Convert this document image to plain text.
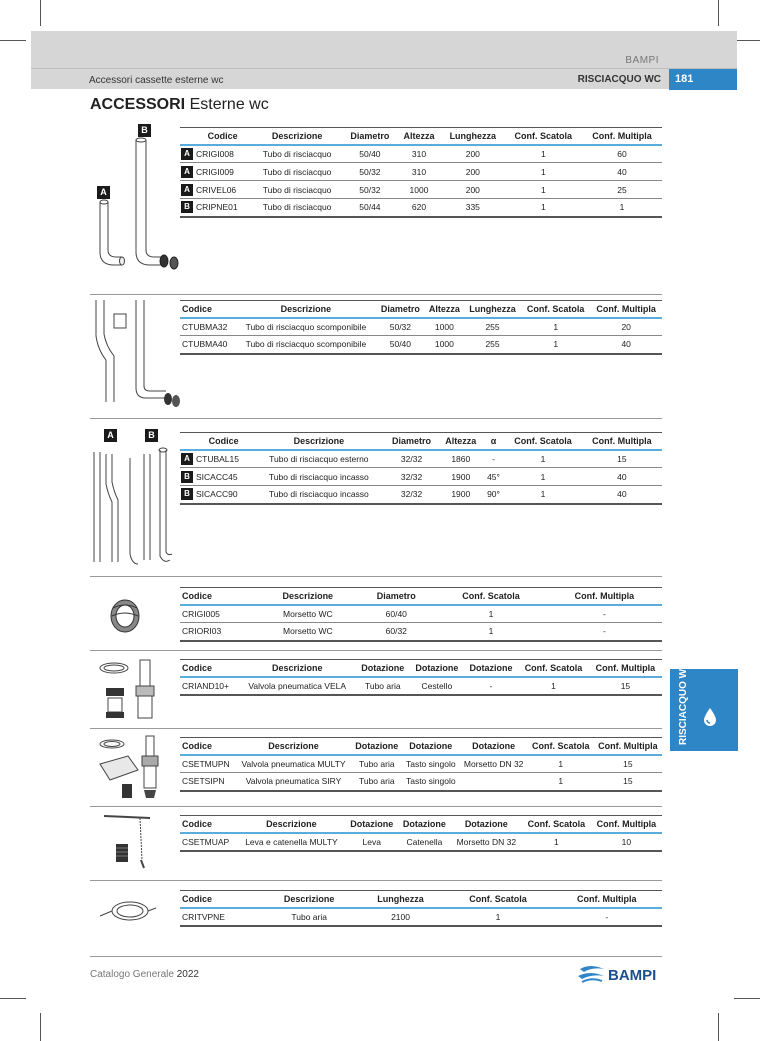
BAMPI
Accessori cassette esterne wc	RISCIACQUO WC	181
ACCESSORI Esterne wc
RISCIACQUO WC
B
A
	Codice	Descrizione	Diametro	Altezza	Lunghezza	Conf. Scatola	Conf. Multipla
A	CRIGI008	Tubo di risciacquo	50/40	310	200	1	60
A	CRIGI009	Tubo di risciacquo	50/32	310	200	1	40
A	CRIVEL06	Tubo di risciacquo	50/32	1000	200	1	25
B	CRIPNE01	Tubo di risciacquo	50/44	620	335	1	1
Codice	Descrizione	Diametro	Altezza	Lunghezza	Conf. Scatola	Conf. Multipla
CTUBMA32	Tubo di risciacquo scomponibile	50/32	1000	255	1	20
CTUBMA40	Tubo di risciacquo scomponibile	50/40	1000	255	1	40
A	B
	Codice	Descrizione	Diametro	Altezza	α	Conf. Scatola	Conf. Multipla
A	CTUBAL15	Tubo di risciacquo esterno	32/32	1860	-	1	15
B	SICACC45	Tubo di risciacquo incasso	32/32	1900	45°	1	40
B	SICACC90	Tubo di risciacquo incasso	32/32	1900	90°	1	40
Codice	Descrizione	Diametro	Conf. Scatola	Conf. Multipla
CRIGI005	Morsetto WC	60/40	1	-
CRIORI03	Morsetto WC	60/32	1	-
Codice	Descrizione	Dotazione	Dotazione	Dotazione	Conf. Scatola	Conf. Multipla
CRIAND10+	Valvola pneumatica VELA	Tubo aria	Cestello	-	1	15
Codice	Descrizione	Dotazione	Dotazione	Dotazione	Conf. Scatola	Conf. Multipla
CSETMUPN	Valvola pneumatica MULTY	Tubo aria	Tasto singolo	Morsetto DN 32	1	15
CSETSIPN	Valvola pneumatica SIRY	Tubo aria	Tasto singolo		1	15
Codice	Descrizione	Dotazione	Dotazione	Dotazione	Conf. Scatola	Conf. Multipla
CSETMUAP	Leva e catenella MULTY	Leva	Catenella	Morsetto DN 32	1	10
Codice	Descrizione	Lunghezza	Conf. Scatola	Conf. Multipla
CRITVPNE	Tubo aria	2100	1	-
Catalogo Generale 2022	BAMPI
